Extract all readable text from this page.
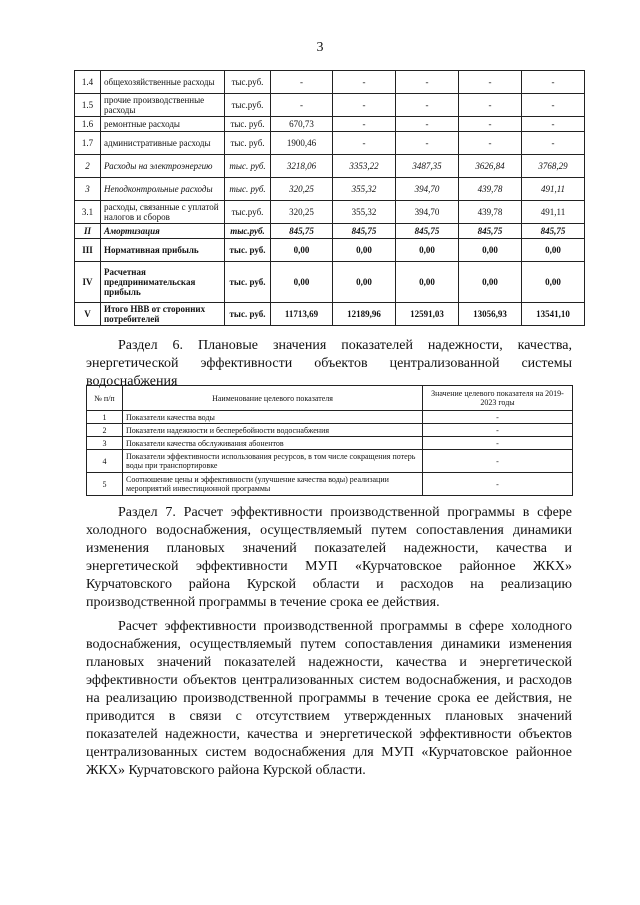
3
1.4	общехозяйственные расходы	тыс.руб.	-	-	-	-	-
1.5	прочие производственные расходы	тыс.руб.	-	-	-	-	-
1.6	ремонтные расходы	тыс. руб.	670,73	-	-	-	-
1.7	административные расходы	тыс. руб.	1900,46	-	-	-	-
2	Расходы на электроэнергию	тыс. руб.	3218,06	3353,22	3487,35	3626,84	3768,29
3	Неподконтрольные расходы	тыс. руб.	320,25	355,32	394,70	439,78	491,11
3.1	расходы, связанные с уплатой налогов и сборов	тыс.руб.	320,25	355,32	394,70	439,78	491,11
II	Амортизация	тыс.руб.	845,75	845,75	845,75	845,75	845,75
III	Нормативная прибыль	тыс. руб.	0,00	0,00	0,00	0,00	0,00
IV	Расчетная предпринимательская прибыль	тыс. руб.	0,00	0,00	0,00	0,00	0,00
V	Итого НВВ от сторонних потребителей	тыс. руб.	11713,69	12189,96	12591,03	13056,93	13541,10

Раздел 6. Плановые значения показателей надежности, качества, энергетической эффективности объектов централизованной системы водоснабжения

№ п/п	Наименование целевого показателя	Значение целевого показателя на 2019-2023 годы
1	Показатели качества воды	-
2	Показатели надежности и бесперебойности водоснабжения	-
3	Показатели качества обслуживания абонентов	-
4	Показатели эффективности использования ресурсов, в том числе сокращения потерь воды при транспортировке	-
5	Соотношение цены и эффективности (улучшение качества воды) реализации мероприятий инвестиционной программы	-

Раздел 7. Расчет эффективности производственной программы в сфере холодного водоснабжения, осуществляемый путем сопоставления динамики изменения плановых значений показателей надежности, качества и энергетической эффективности МУП «Курчатовское районное ЖКХ» Курчатовского района Курской области и расходов на реализацию производственной программы в течение срока ее действия.

Расчет эффективности производственной программы в сфере холодного водоснабжения, осуществляемый путем сопоставления динамики изменения плановых значений показателей надежности, качества и энергетической эффективности объектов централизованных систем водоснабжения, и расходов на реализацию производственной программы в течение срока ее действия, не приводится в связи с отсутствием утвержденных плановых значений показателей надежности, качества и энергетической эффективности объектов централизованных систем водоснабжения для МУП «Курчатовское районное ЖКХ» Курчатовского района Курской области.
